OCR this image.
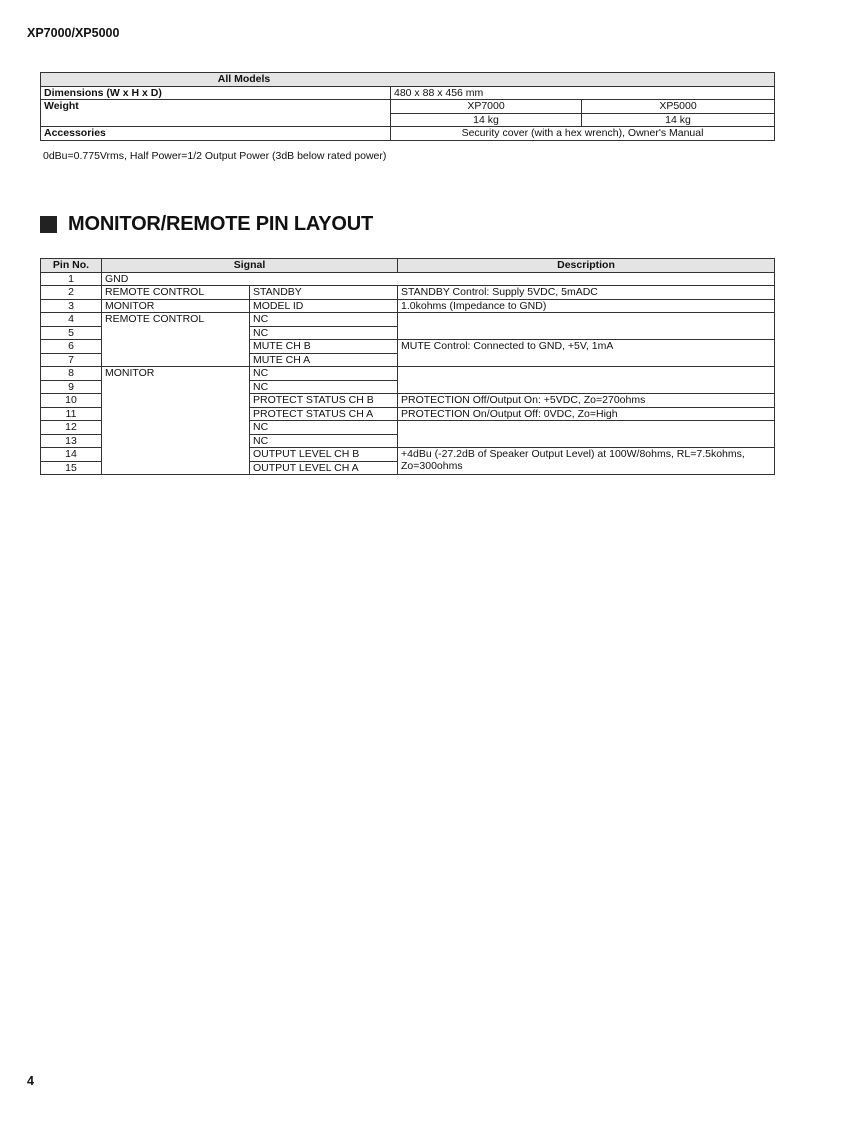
XP7000/XP5000
All Models		
Dimensions (W x H x D)	480 x 88 x 456 mm	
Weight	XP7000	XP5000
	14 kg	14 kg
Accessories	Security cover (with a hex wrench), Owner's Manual	
0dBu=0.775Vrms, Half Power=1/2 Output Power (3dB below rated power)
MONITOR/REMOTE PIN LAYOUT
Pin No.	Signal		Description
1	GND		
2	REMOTE CONTROL	STANDBY	STANDBY Control: Supply 5VDC, 5mADC
3	MONITOR	MODEL ID	1.0kohms (Impedance to GND)
4	REMOTE CONTROL	NC	
5		NC	
6		MUTE CH B	MUTE Control: Connected to GND, +5V, 1mA
7		MUTE CH A	
8	MONITOR	NC	
9		NC	
10		PROTECT STATUS CH B	PROTECTION Off/Output On: +5VDC, Zo=270ohms
11		PROTECT STATUS CH A	PROTECTION On/Output Off: 0VDC, Zo=High
12		NC	
13		NC	
14		OUTPUT LEVEL CH B	+4dBu (-27.2dB of Speaker Output Level) at 100W/8ohms, RL=7.5kohms,
Zo=300ohms

15		OUTPUT LEVEL CH A	
4
